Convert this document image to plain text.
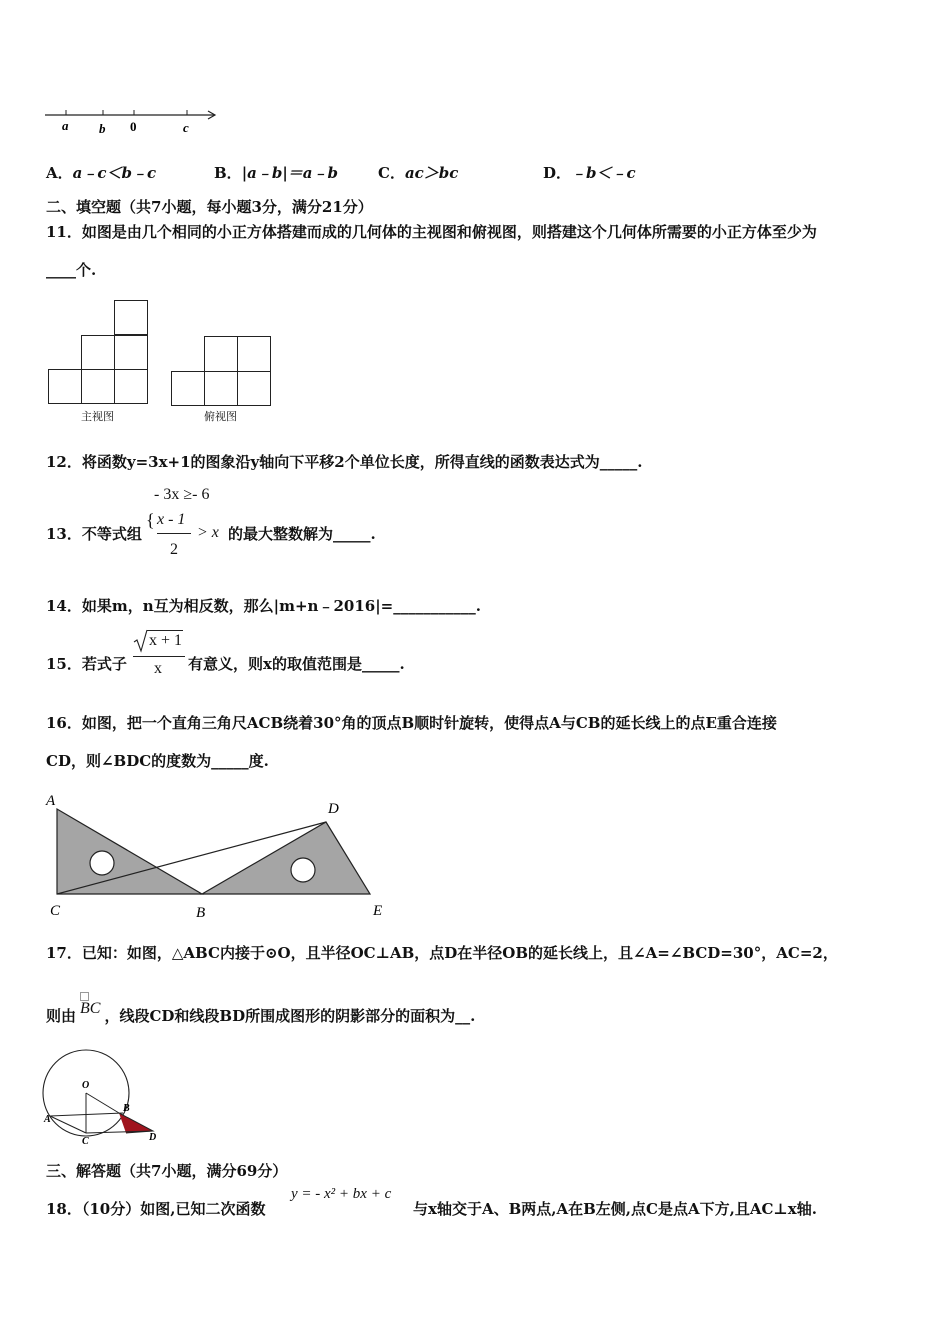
a b 0	c
A．a﹣c＜b﹣c	B．|a﹣b|＝a﹣b	C．ac＞bc	D．﹣b＜﹣c
二、填空题（共7小题，每小题3分，满分21分）
11．如图是由几个相同的小正方体搭建而成的几何体的主视图和俯视图，则搭建这个几何体所需要的小正方体至少为
____个.
主视图	俯视图
12．将函数y=3x+1的图象沿y轴向下平移2个单位长度，所得直线的函数表达式为_____.
- 3x ≥- 6
13．不等式组
{ x - 1
2
> x 的最大整数解为_____.
14．如果m，n互为相反数，那么|m+n﹣2016|=___________.
15．若式子
x + 1
x 有意义，则x的取值范围是_____.
16．如图，把一个直角三角尺ACB绕着30°角的顶点B顺时针旋转，使得点A与CB的延长线上的点E重合连接
CD，则∠BDC的度数为_____度.
A
C	B
D
E
17．已知：如图，△ABC内接于⊙O，且半径OC⊥AB，点D在半径OB的延长线上，且∠A=∠BCD=30°，AC=2，
则由 BC ，线段CD和线段BD所围成图形的阴影部分的面积为__.
O
A
B
C	D
三、解答题（共7小题，满分69分）
18．（10分）如图,已知二次函数
y = - x² + bx + c
与x轴交于A、B两点,A在B左侧,点C是点A下方,且AC⊥x轴.
